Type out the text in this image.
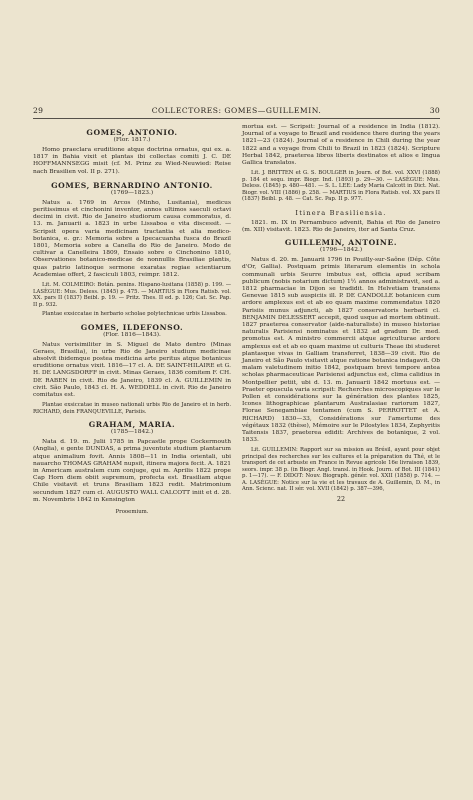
29	COLLECTORES: GOMES—GUILLEMIN.	30
GOMES, ANTONIO.
(Flor. 1817.)

Homo praeclara eruditione atque doctrina ornatus, qui ex. a. 1817 in Bahia vixit et plantas ibi collectas comiti J. C. DE HOFFMANNSEGG misit (cf. M. Prinz zu Wied-Neuwied: Reise nach Brasilien vol. II p. 271).

GOMES, BERNARDINO ANTONIO.
(1769—1823.)

Natus a. 1769 in Arcos (Minho, Lusitania), medicus peritissimus et cinchonini inventor, annos ultimos saeculi octavi decimi in civit. Rio de Janeiro studiorum causa commoratus, d. 13. m. Januarii a. 1823 in urbe Lissaboa e vita discessit. — Scripsit opera varia medicinam tractantia et alia medico-botanica, e. gr.: Memoria sobre a Ipecacuanha fusca do Brazil 1801, Memoria sobre a Canella do Rio de Janeiro. Modo de cultivar a Canelleira 1809, Ensaio sobre o Cinchonino 1810, Observationes botanico-medicae de nonnullis Brasiliae plantis, quas patrio latinoque sermone exaratas regiae scientiarum Academiae offert, 2 fasciculi 1803, reimpr. 1812.

Lit. M. COLMEIRO: Botán. penins. Hispano-lusitana (1858) p. 199. — LASÈGUE: Mus. Deless. (1845) p. 475. — MARTIUS in Flora Ratisb. vol. XX. pars II (1837) Beibl. p. 19. — Pritz. Thes. II ed. p. 126; Cat. Sc. Pap. II p. 932.

Plantae exsiccatae in herbario scholae polytechnicae urbis Lissaboa.

GOMES, ILDEFONSO.
(Flor. 1816—1843).

Natus verisimiliter in S. Miguel de Mato dentro (Minas Geraes, Brasilia), in urbe Rio de Janeiro studium medicinae absolvit ibidemque postea medicina arte peritus atque botanicus eruditione ornatus vixit. 1816—17 cl. A. DE SAINT-HILAIRE et G. H. DE LANGSDORFF in civit. Minas Geraes, 1836 comitem F. CH. DE RABEN in civit. Rio de Janeiro, 1839 cl. A. GUILLEMIN in civit. São Paulo, 1843 cl. H. A. WEDDELL in civit. Rio de Janeiro comitatus est.

Plantae exsiccatae in museo nationali urbis Rio de Janeiro et in herb. RICHARD, dein FRANQUEVILLE, Parisiis.

GRAHAM, MARIA.
(1785—1842.)

Nata d. 19. m. Julii 1785 in Papcastle prope Cockermouth (Anglia), e gente DUNDAS, a prima juventute studium plantarum atque animalium fovit. Annis 1808—11 in India orientali, ubi nauarcho THOMAS GRAHAM nupsit, itinera majora fecit. A. 1821 in Americam australem cum conjuge, qui m. Aprilis 1822 prope Cap Horn diem obiit supremum, profecta est. Brasiliam atque Chile visitavit et truns Brasiliam 1823 redit. Matrimonium secundum 1827 cum cl. AUGUSTO WALL CALCOTT iniit et d. 28. m. Novembris 1842 in Kensington

Prooemium.

mortua est. — Scripsit: Journal of a residence in India (1812). Journal of a voyage to Brazil and residence there during the years 1821—23 (1824). Journal of a residence in Chili during the year 1822 and a voyage from Chili to Brazil in 1823 (1824). Scripture Herbal 1842, praeterea libros liberis destinatos et alios e lingua Gallica translatos.

Lit. J. BRITTEN et G. S. BOULGER in Journ. of Bot. vol. XXVI (1888) p. 184 et sequ. impr. Biogr. Ind. (1893) p. 29—30. — LASÈGUE: Mus. Deless. (1845) p. 480—481. — S. L. LEE: Lady Maria Calcott in Dict. Nat. Biogr. vol. VIII (1886) p. 258. — MARTIUS in Flora Ratisb. vol. XX pars II (1837) Beibl. p. 48. — Cat. Sc. Pap. II p. 977.

Itinera Brasiliensia.

1821. m. IX in Pernambuco advenit, Bahia et Rio de Janeiro (m. XII) visitavit. 1823. Rio de Janeiro, iter ad Santa Cruz.

GUILLEMIN, ANTOINE.
(1796—1842.)

Natus d. 20. m. Januarii 1796 in Pouilly-sur-Saône (Dép. Côte d'Or, Gallia). Postquam primis literarum elementis in schola communali urbis Seurre imbutus est, officia apud scribam publicum (nobis notarium dictum) 1½ annos administravit, sed a. 1812 pharmaciae in Dijon se tradidit. In Helvetiam transiens Genevae 1815 sub auspiciis ill. P. DE CANDOLLE botanicen cum ardore amplexus est et ab eo quam maxime commendatus 1820 Parisiis munus adjuncti, ab 1827 conservatoris herbarii cl. BENJAMIN DELESSERT accepit, quod usque ad mortem obtinuit. 1827 praeterea conservator (aide-naturaliste) in museo historiae naturalis Parisiensi nominatus et 1832 ad gradum Dr. med. promotus est. A ministro commercii atque agriculturae ardore amplexus est et ab eo quam maxime ut culturis Theae ibi studeret plantasque vivas in Galliam transferret, 1838—39 civit. Rio de Janeiro et São Paulo visitavit atque ratione botanica indagavit. Ob malam valetudinem initio 1842, postquam brevi tempore antea scholas pharmaceuticae Parisiensi adjunctus est, clima calidius in Montpellier petiit, ubi d. 13. m. Januarii 1842 mortuus est. — Praeter opuscula varia scripsit: Recherches microscopiques sur le Pollen et considérations sur la génération des plantes 1825, Icones lithographicae plantarum Australasiae rariorum 1827, Florae Senegambiae tentamen (cum S. PERROTTET et A. RICHARD) 1830—33, Considérations sur l'amertume des végétaux 1832 (thèse), Mémoire sur le Pilostyles 1834, Zephyritis Taitensis 1837, praeterea edidit: Archives de botanique, 2 vol. 1833.

Lit. GUILLEMIN: Rapport sur sa mission au Brésil, ayant pour objet principal des recherches sur les cultures et la préparation du Thé, et le transport de cet arbuste en France in Revue agricole 16e livraison 1839, seors. impr. 38 p. (in Biogr. Angl. transl. in Hook. Journ. of Bot. III (1841) p. 1—17). — F. DIDOT: Nouv. Biograph. génér. vol. XXII (1858) p. 714. — A. LASÈGUE: Notice sur la vie et les travaux de A. Guillemin, D. M., in Ann. Scienc. nat. II sér. vol. XVII (1842) p. 387—396,

22
